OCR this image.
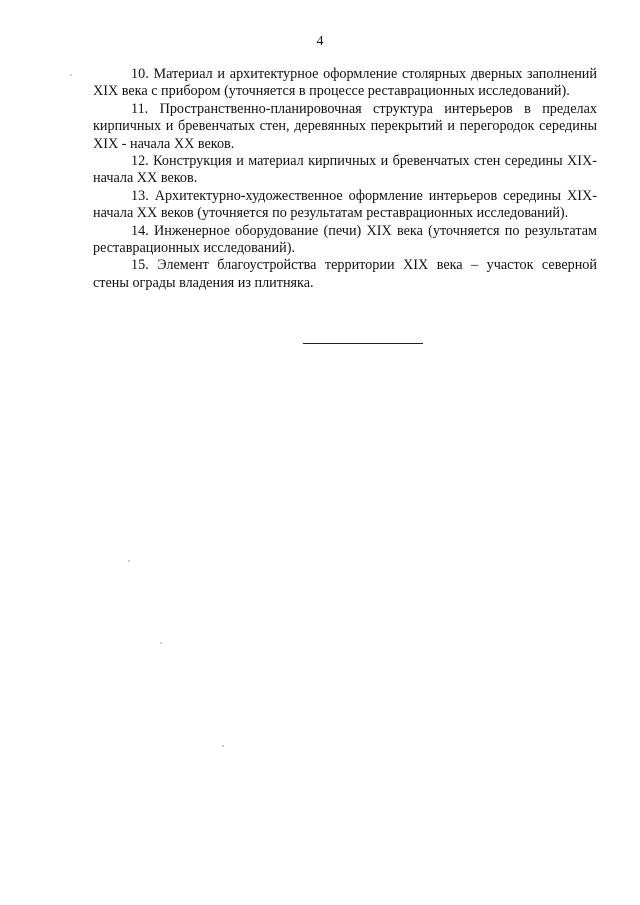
4

10. Материал и архитектурное оформление столярных дверных заполнений XIX века с прибором (уточняется в процессе реставрационных исследований).

11. Пространственно-планировочная структура интерьеров в пределах кирпичных и бревенчатых стен, деревянных перекрытий и перегородок середины XIX - начала XX веков.

12. Конструкция и материал кирпичных и бревенчатых стен середины XIX-начала XX веков.

13. Архитектурно-художественное оформление интерьеров середины XIX-начала XX веков (уточняется по результатам реставрационных исследований).

14. Инженерное оборудование (печи) XIX века (уточняется по результатам реставрационных исследований).

15. Элемент благоустройства территории XIX века – участок северной стены ограды владения из плитняка.
